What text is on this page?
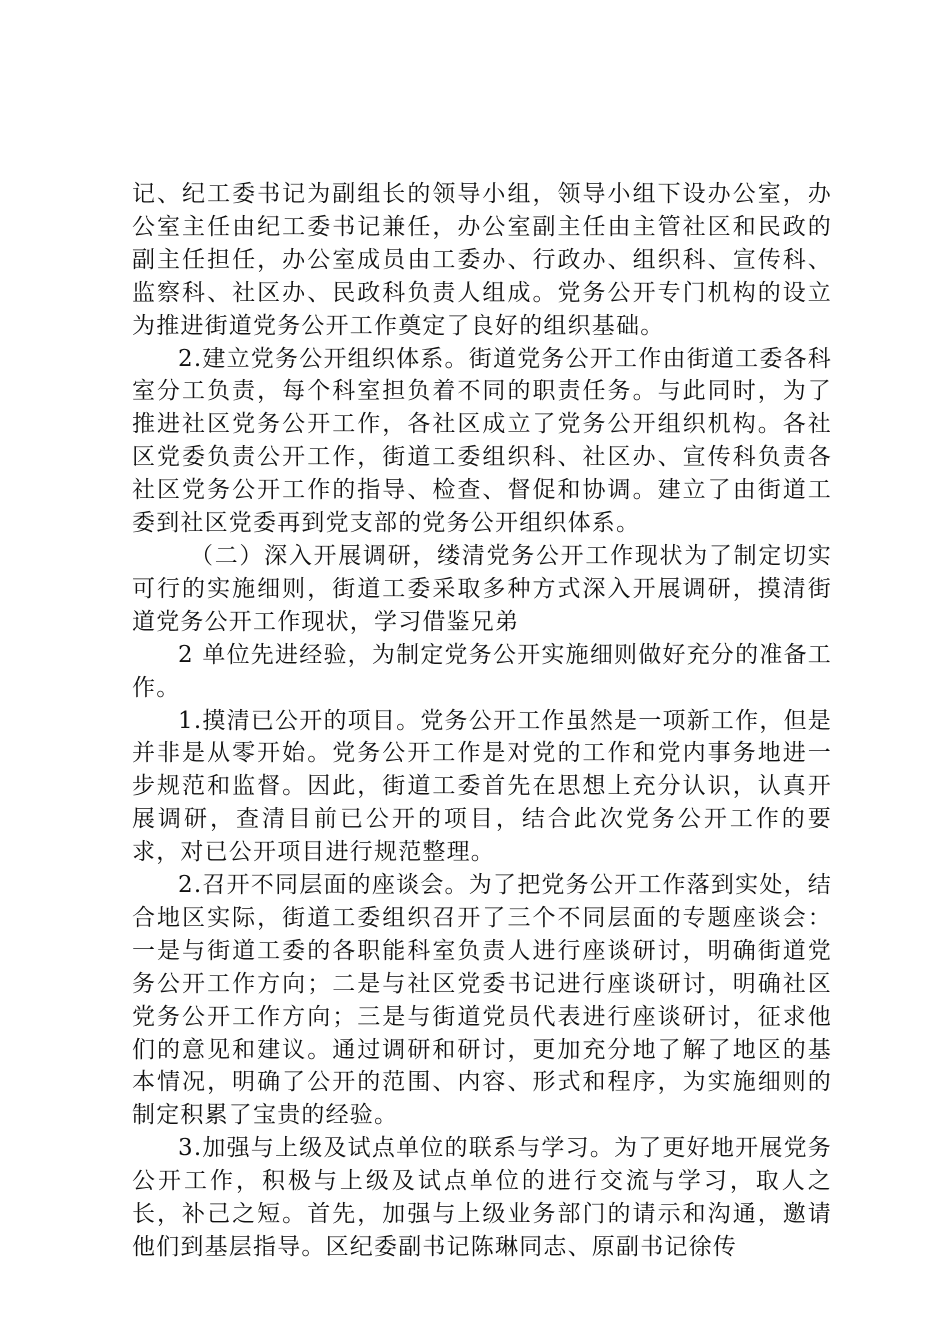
记、纪工委书记为副组长的领导小组，领导小组下设办公室，办公室主任由纪工委书记兼任，办公室副主任由主管社区和民政的副主任担任，办公室成员由工委办、行政办、组织科、宣传科、监察科、社区办、民政科负责人组成。党务公开专门机构的设立为推进街道党务公开工作奠定了良好的组织基础。

2.建立党务公开组织体系。街道党务公开工作由街道工委各科室分工负责，每个科室担负着不同的职责任务。与此同时，为了推进社区党务公开工作，各社区成立了党务公开组织机构。各社区党委负责公开工作，街道工委组织科、社区办、宣传科负责各社区党务公开工作的指导、检查、督促和协调。建立了由街道工委到社区党委再到党支部的党务公开组织体系。

（二）深入开展调研，缕清党务公开工作现状为了制定切实可行的实施细则，街道工委采取多种方式深入开展调研，摸清街道党务公开工作现状，学习借鉴兄弟

2 单位先进经验，为制定党务公开实施细则做好充分的准备工作。

1.摸清已公开的项目。党务公开工作虽然是一项新工作，但是并非是从零开始。党务公开工作是对党的工作和党内事务地进一步规范和监督。因此，街道工委首先在思想上充分认识，认真开展调研，查清目前已公开的项目，结合此次党务公开工作的要求，对已公开项目进行规范整理。

2.召开不同层面的座谈会。为了把党务公开工作落到实处，结合地区实际，街道工委组织召开了三个不同层面的专题座谈会：一是与街道工委的各职能科室负责人进行座谈研讨，明确街道党务公开工作方向；二是与社区党委书记进行座谈研讨，明确社区党务公开工作方向；三是与街道党员代表进行座谈研讨，征求他们的意见和建议。通过调研和研讨，更加充分地了解了地区的基本情况，明确了公开的范围、内容、形式和程序，为实施细则的制定积累了宝贵的经验。

3.加强与上级及试点单位的联系与学习。为了更好地开展党务公开工作，积极与上级及试点单位的进行交流与学习，取人之长，补己之短。首先，加强与上级业务部门的请示和沟通，邀请他们到基层指导。区纪委副书记陈琳同志、原副书记徐传
